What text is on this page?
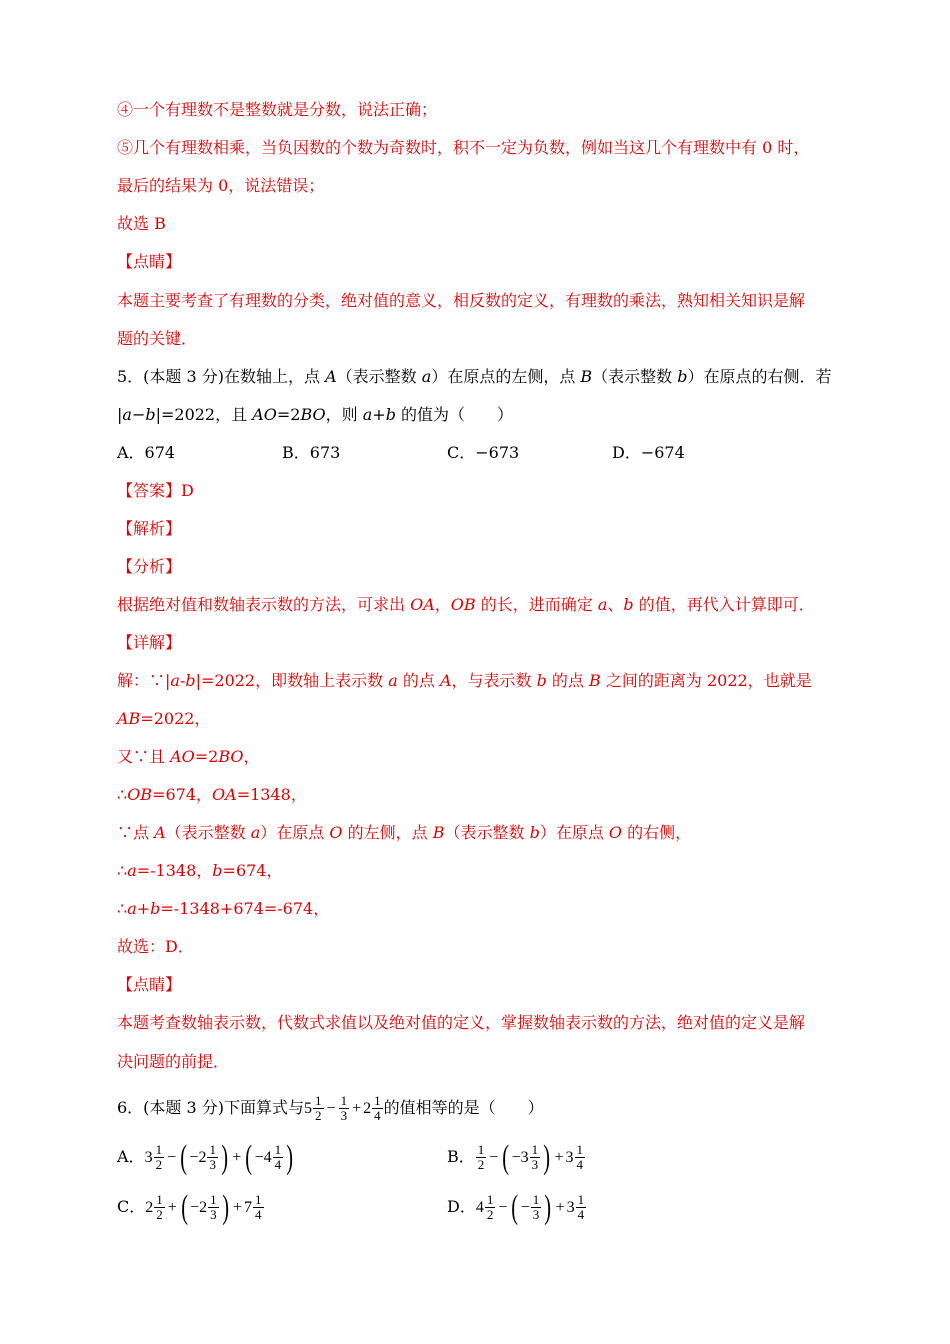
④一个有理数不是整数就是分数，说法正确；
⑤几个有理数相乘，当负因数的个数为奇数时，积不一定为负数，例如当这几个有理数中有 0 时，
最后的结果为 0，说法错误；
故选 B
【点睛】
本题主要考查了有理数的分类，绝对值的意义，相反数的定义，有理数的乘法，熟知相关知识是解
题的关键．
5．(本题 3 分)在数轴上，点 A（表示整数 a）在原点的左侧，点 B（表示整数 b）在原点的右侧．若
|a−b|=2022，且 AO=2BO，则 a+b 的值为（　　）
A．674	B．673	C．−673	D．−674
【答案】D
【解析】
【分析】
根据绝对值和数轴表示数的方法，可求出 OA，OB 的长，进而确定 a、b 的值，再代入计算即可．
【详解】
解：∵|a-b|=2022，即数轴上表示数 a 的点 A，与表示数 b 的点 B 之间的距离为 2022，也就是
AB=2022，
又∵且 AO=2BO，
∴OB=674，OA=1348，
∵点 A（表示整数 a）在原点 O 的左侧，点 B（表示整数 b）在原点 O 的右侧，
∴a=-1348，b=674，
∴a+b=-1348+674=-674，
故选：D．
【点睛】
本题考查数轴表示数，代数式求值以及绝对值的定义，掌握数轴表示数的方法，绝对值的定义是解
决问题的前提．
6．(本题 3 分)下面算式与 $5 \frac{1}{2} - \frac{1}{3} + 2 \frac{1}{4}$ 的值相等的是（　　）
A． $3 \frac{1}{2}$ − ( $-2 \frac{1}{3}$ ) + ( $-4 \frac{1}{4}$ )	B． $\frac{1}{2}$ − ( $-3 \frac{1}{3}$ ) + $3 \frac{1}{4}$
C． $2 \frac{1}{2}$ + ( $-2 \frac{1}{3}$ ) + $7 \frac{1}{4}$	D． $4 \frac{1}{2}$ − ( − $\frac{1}{3}$ ) + $3 \frac{1}{4}$
